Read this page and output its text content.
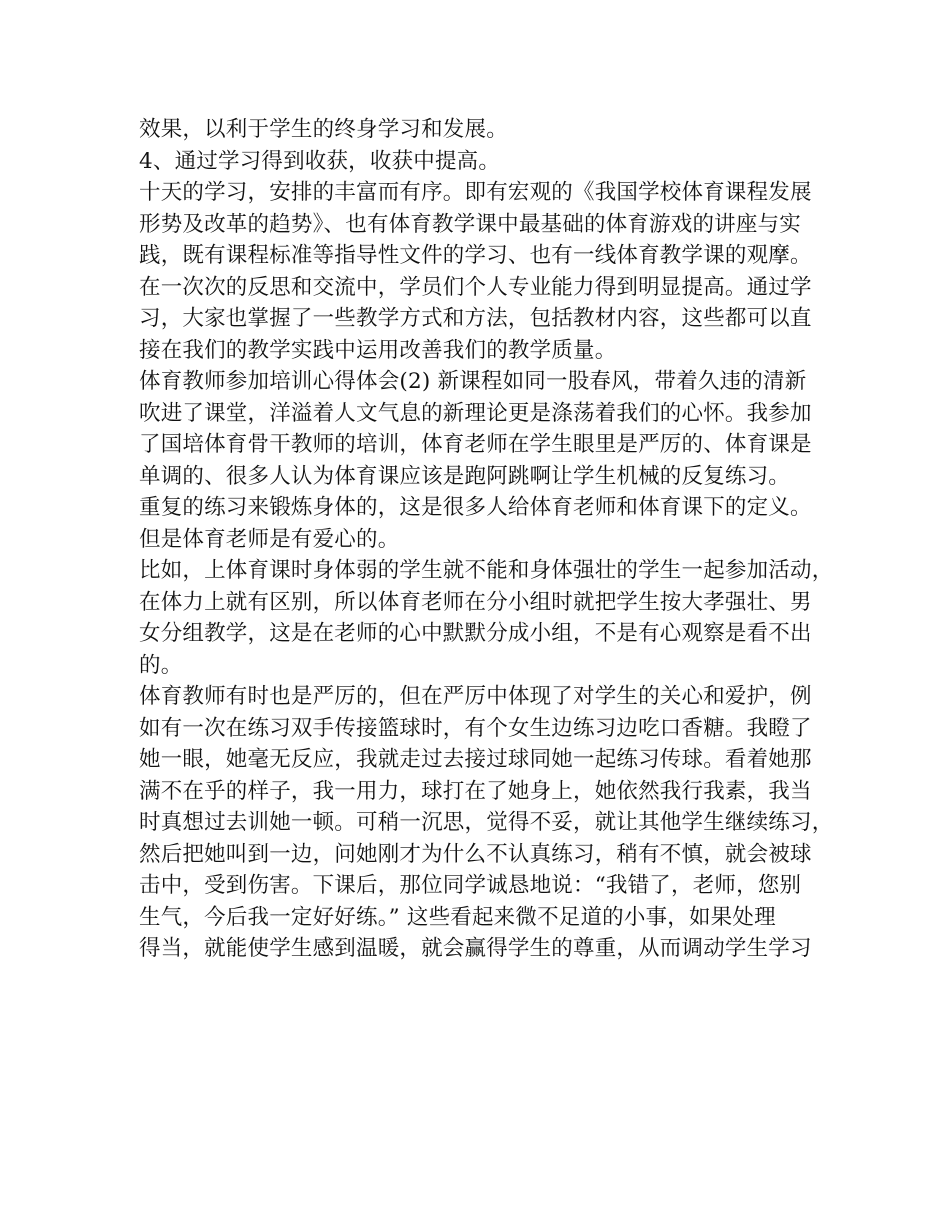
效果，以利于学生的终身学习和发展。
4、通过学习得到收获，收获中提高。
十天的学习，安排的丰富而有序。即有宏观的《我国学校体育课程发展
形势及改革的趋势》、也有体育教学课中最基础的体育游戏的讲座与实
践，既有课程标准等指导性文件的学习、也有一线体育教学课的观摩。
在一次次的反思和交流中，学员们个人专业能力得到明显提高。通过学
习，大家也掌握了一些教学方式和方法，包括教材内容，这些都可以直
接在我们的教学实践中运用改善我们的教学质量。
体育教师参加培训心得体会(2) 新课程如同一股春风，带着久违的清新
吹进了课堂，洋溢着人文气息的新理论更是涤荡着我们的心怀。我参加
了国培体育骨干教师的培训，体育老师在学生眼里是严厉的、体育课是
单调的、很多人认为体育课应该是跑阿跳啊让学生机械的反复练习。
重复的练习来锻炼身体的，这是很多人给体育老师和体育课下的定义。
但是体育老师是有爱心的。
比如，上体育课时身体弱的学生就不能和身体强壮的学生一起参加活动，
在体力上就有区别，所以体育老师在分小组时就把学生按大孝强壮、男
女分组教学，这是在老师的心中默默分成小组，不是有心观察是看不出
的。
体育教师有时也是严厉的，但在严厉中体现了对学生的关心和爱护，例
如有一次在练习双手传接篮球时，有个女生边练习边吃口香糖。我瞪了
她一眼，她毫无反应，我就走过去接过球同她一起练习传球。看着她那
满不在乎的样子，我一用力，球打在了她身上，她依然我行我素，我当
时真想过去训她一顿。可稍一沉思，觉得不妥，就让其他学生继续练习，
然后把她叫到一边，问她刚才为什么不认真练习，稍有不慎，就会被球
击中，受到伤害。下课后，那位同学诚恳地说：“我错了，老师，您别
生气，今后我一定好好练。” 这些看起来微不足道的小事，如果处理
得当，就能使学生感到温暖，就会赢得学生的尊重，从而调动学生学习
